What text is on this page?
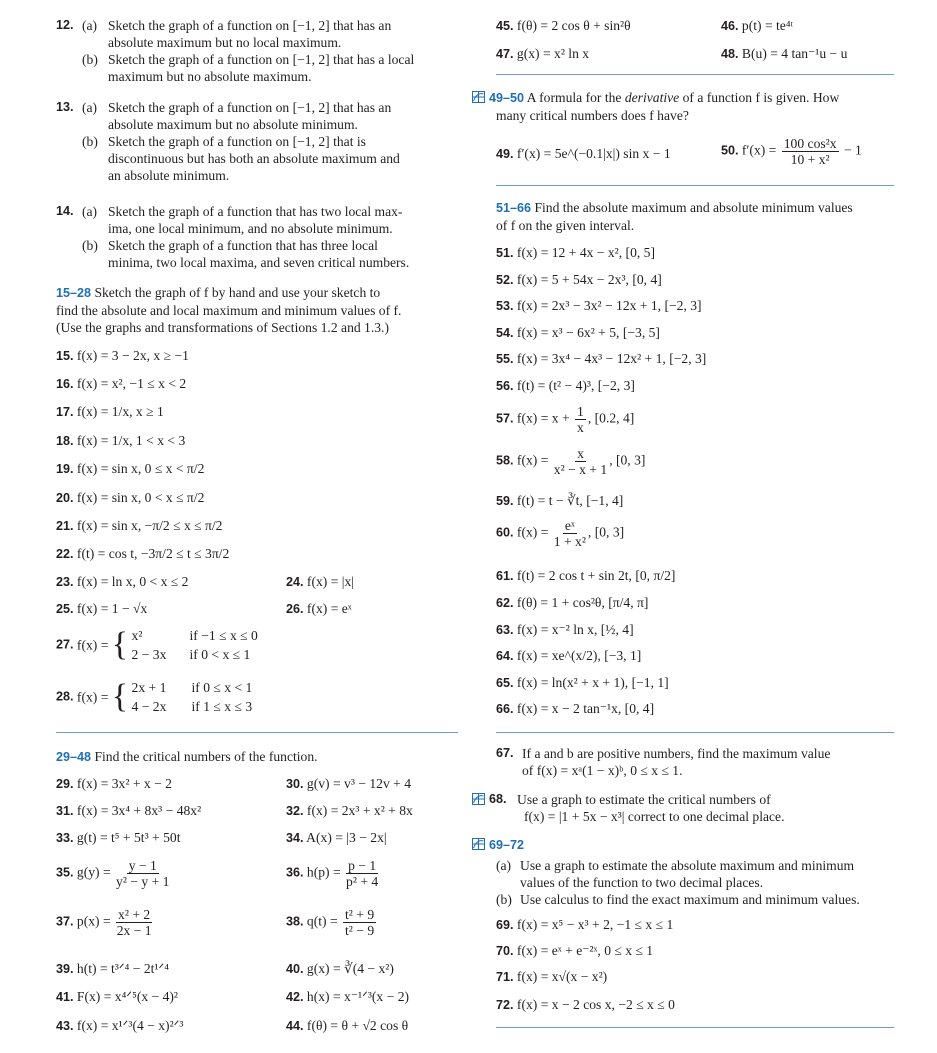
12. (a) Sketch the graph of a function on [−1, 2] that has an
absolute maximum but no local maximum.
(b) Sketch the graph of a function on [−1, 2] that has a local
maximum but no absolute maximum.
13. (a) Sketch the graph of a function on [−1, 2] that has an
absolute maximum but no absolute minimum.
(b) Sketch the graph of a function on [−1, 2] that is
discontinuous but has both an absolute maximum and
an absolute minimum.
14. (a) Sketch the graph of a function that has two local max-
ima, one local minimum, and no absolute minimum.
(b) Sketch the graph of a function that has three local
minima, two local maxima, and seven critical numbers.
15–28 Sketch the graph of f by hand and use your sketch to
find the absolute and local maximum and minimum values of f.
(Use the graphs and transformations of Sections 1.2 and 1.3.)
15. f(x) = 3 − 2x, x ≥ −1
16. f(x) = x², −1 ≤ x < 2
17. f(x) = 1/x, x ≥ 1
18. f(x) = 1/x, 1 < x < 3
19. f(x) = sin x, 0 ≤ x < π/2
20. f(x) = sin x, 0 < x ≤ π/2
21. f(x) = sin x, −π/2 ≤ x ≤ π/2
22. f(t) = cos t, −3π/2 ≤ t ≤ 3π/2
23. f(x) = ln x, 0 < x ≤ 2	24. f(x) = |x|
25. f(x) = 1 − √x	26. f(x) = eˣ
27. f(x) = { x²	if −1 ≤ x ≤ 0
2 − 3x if 0 < x ≤ 1
28. f(x) = { 2x + 1 if 0 ≤ x < 1
4 − 2x if 1 ≤ x ≤ 3
29–48 Find the critical numbers of the function.
29. f(x) = 3x² + x − 2	30. g(v) = v³ − 12v + 4
31. f(x) = 3x⁴ + 8x³ − 48x²	32. f(x) = 2x³ + x² + 8x
33. g(t) = t⁵ + 5t³ + 50t	34. A(x) = |3 − 2x|
35. $g(y) = \frac{y - 1}{\text{y² − y + 1}}$	36. $h(p) = \frac{p - 1}{\text{p² + 4}}$
37. $p(x) = \frac{\text{x² + 2}}{2x - 1}$	38. $q(t) = \frac{\text{t² + 9}}{\text{t² − 9}}$
39. h(t) = t³ᐟ⁴ − 2t¹ᐟ⁴	40. g(x) = ∛(4 − x²)
41. F(x) = x⁴ᐟ⁵(x − 4)²	42. h(x) = x⁻¹ᐟ³(x − 2)
43. f(x) = x¹ᐟ³(4 − x)²ᐟ³	44. f(θ) = θ + √2 cos θ
45. f(θ) = 2 cos θ + sin²θ	46. p(t) = te⁴ᵗ
47. g(x) = x² ln x	48. B(u) = 4 tan⁻¹u − u
49–50 A formula for the derivative of a function f is given. How
many critical numbers does f have?
49. f′(x) = 5e^(−0.1|x|) sin x − 1	50. $f'(x) = \frac{\text{100 cos²x}}{\text{10 + x²}} - 1$
51–66 Find the absolute maximum and absolute minimum values
of f on the given interval.
51. f(x) = 12 + 4x − x², [0, 5]
52. f(x) = 5 + 54x − 2x³, [0, 4]
53. f(x) = 2x³ − 3x² − 12x + 1, [−2, 3]
54. f(x) = x³ − 6x² + 5, [−3, 5]
55. f(x) = 3x⁴ − 4x³ − 12x² + 1, [−2, 3]
56. f(t) = (t² − 4)³, [−2, 3]
57. $f(x) = x + \frac{1}{x}$ , [0.2, 4]
58. $f(x) = \frac{x}{\text{x² − x + 1}}$ , [0, 3]
59. f(t) = t − ∛t, [−1, 4]
60. $f(x) = \frac{\text{eˣ}}{\text{1 + x²}}$ , [0, 3]
61. f(t) = 2 cos t + sin 2t, [0, π/2]
62. f(θ) = 1 + cos²θ, [π/4, π]
63. f(x) = x⁻² ln x, [½, 4]
64. f(x) = xe^(x/2), [−3, 1]
65. f(x) = ln(x² + x + 1), [−1, 1]
66. f(x) = x − 2 tan⁻¹x, [0, 4]
67. If a and b are positive numbers, find the maximum value
of f(x) = xᵃ(1 − x)ᵇ, 0 ≤ x ≤ 1.
68. Use a graph to estimate the critical numbers of
f(x) = |1 + 5x − x³| correct to one decimal place.
69–72
(a) Use a graph to estimate the absolute maximum and minimum
values of the function to two decimal places.
(b) Use calculus to find the exact maximum and minimum values.
69. f(x) = x⁵ − x³ + 2, −1 ≤ x ≤ 1
70. f(x) = eˣ + e⁻²ˣ, 0 ≤ x ≤ 1
71. f(x) = x√(x − x²)
72. f(x) = x − 2 cos x, −2 ≤ x ≤ 0
